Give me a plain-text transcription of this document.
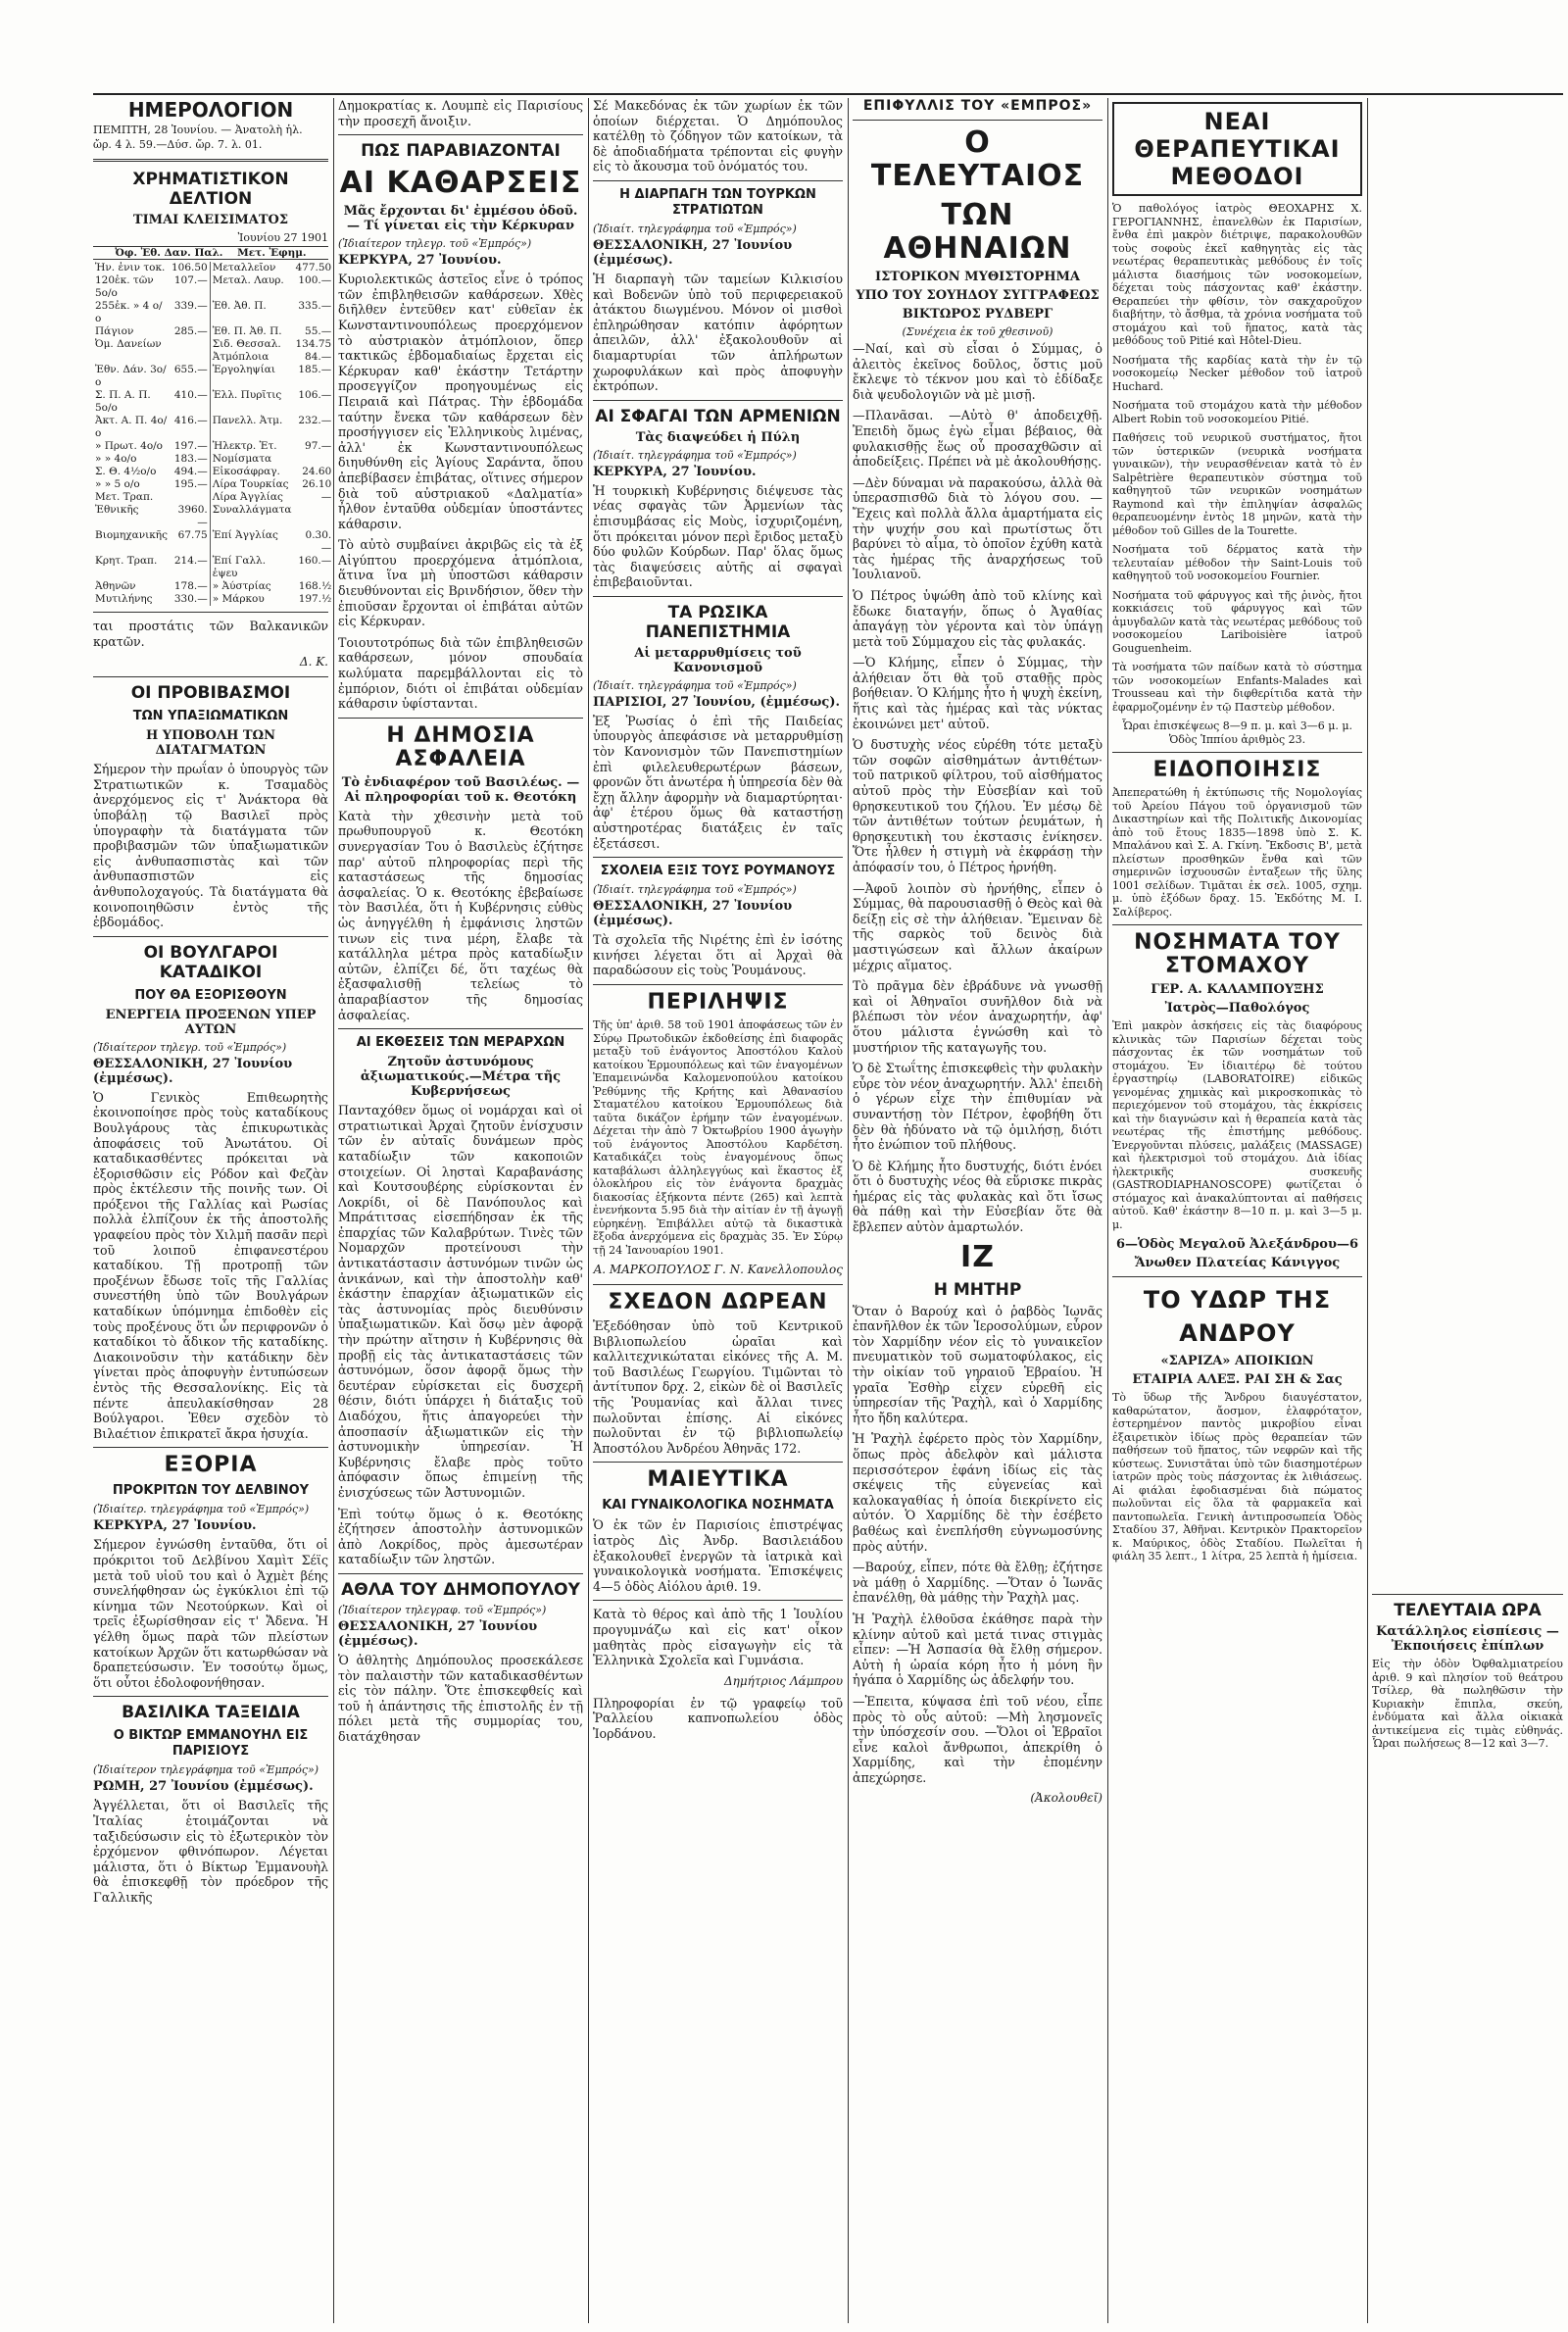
ΗΜΕΡΟΛΟΓΙΟΝ
ΠΕΜΠΤΗ, 28 Ἰουνίου. — Ἀνατολὴ ἡλ.
ὤρ. 4 λ. 59.—Δύσ. ὤρ. 7. λ. 01.
ΧΡΗΜΑΤΙΣΤΙΚΟΝ ΔΕΛΤΙΟΝ
ΤΙΜΑΙ ΚΛΕΙΣΙΜΑΤΟΣ
Ἰουνίου 27 1901
Ὀφ. Ἐθ. Δαν. Παλ. Μετ. Ἐφημ.
Ἡν. ἐνιν τοκ.	106.50	Μεταλλεῖον	477.50
120ἐκ. τῶν 5ο/ο	107.—	Μεταλ. Λαυρ.	100.—
255ἐκ. » 4 ο/ο	339.—	Ἐθ. Ἀθ. Π.	335.—
Πάγιον	285.—	Ἐθ. Π. Ἀθ. Π.	55.—
Ὀμ. Δανείων		Σιδ. Θεσσαλ.	134.75
		Ἀτμόπλοια	84.—
Ἐθν. Δάν. 3ο/ο	655.—	Ἐργοληψίαι	185.—
Σ. Π. Α. Π. 5ο/ο	410.—	Ἐλλ. Πυρῖτις	106.—
Ἀκτ. Α. Π. 4ο/ο	416.—	Πανελλ. Ἀτμ.	232.—
» Πρωτ. 4ο/ο	197.—	Ἠλεκτρ. Ἐτ.	97.—
» » 4ο/ο	183.—	Νομίσματα	
Σ. Θ. 4½ο/ο	494.—	Εἰκοσάφραγ.	24.60
» » 5 ο/ο	195.—	Λίρα Τουρκίας	26.10
Μετ. Τραπ.		Λίρα Ἀγγλίας	—
Ἐθνικῆς	3960.—	Συναλλάγματα	
Βιομηχανικῆς	67.75	Ἐπί Ἀγγλίας	0.30.—
Κρητ. Τραπ.	214.—	Ἐπί Γαλλ. ἐψευ	160.—
Ἀθηνῶν	178.—	» Ἀύστρίας	168.½
Μυτιλήνης	330.—	» Μάρκου	197.½

ται προστάτις τῶν Βαλκανικῶν κρατῶν.

Δ. Κ.
ΟΙ ΠΡΟΒΙΒΑΣΜΟΙ
ΤΩΝ ΥΠΑΞΙΩΜΑΤΙΚΩΝ
Η ΥΠΟΒΟΛΗ ΤΩΝ ΔΙΑΤΑΓΜΑΤΩΝ

Σήμερον τὴν πρωΐαν ὁ ὑπουργὸς τῶν Στρατιωτικῶν κ. Τσαμαδὸς ἀνερχόμενος εἰς τ' Ἀνάκτορα θὰ ὑποβάλῃ τῷ Βασιλεῖ πρὸς ὑπογραφὴν τὰ διατάγματα τῶν προβιβασμῶν τῶν ὑπαξιωματικῶν εἰς ἀνθυπασπιστὰς καὶ τῶν ἀνθυπασπιστῶν εἰς ἀνθυπολοχαγούς. Τὰ διατάγματα θὰ κοινοποιηθῶσιν ἐντὸς τῆς ἑβδομάδος.

ΟΙ ΒΟΥΛΓΑΡΟΙ ΚΑΤΑΔΙΚΟΙ
ΠΟΥ ΘΑ ΕΞΟΡΙΣΘΟΥΝ
ΕΝΕΡΓΕΙΑ ΠΡΟΞΕΝΩΝ ΥΠΕΡ ΑΥΤΩΝ
(Ἰδιαίτερον τηλεγρ. τοῦ «Ἐμπρός»)
ΘΕΣΣΑΛΟΝΙΚΗ, 27 Ἰουνίου (ἐμμέσως).

Ὁ Γενικὸς Επιθεωρητὴς ἐκοινοποίησε πρὸς τοὺς καταδίκους Βουλγάρους τὰς ἐπικυρωτικὰς ἀποφάσεις τοῦ Ἀνωτάτου. Οἱ καταδικασθέντες πρόκειται νὰ ἐξορισθῶσιν εἰς Ρόδον καὶ Φεζὰν πρὸς ἐκτέλεσιν τῆς ποινῆς των. Οἱ πρόξενοι τῆς Γαλλίας καὶ Ρωσίας πολλὰ ἐλπίζουν ἐκ τῆς ἀποστολῆς γραφείου πρὸς τὸν Χιλμῆ πασᾶν περὶ τοῦ λοιποῦ ἐπιφανεστέρου καταδίκου. Τῇ προτροπῇ τῶν προξένων ἔδωσε τοῖς τῆς Γαλλίας συνεστήθη ὑπὸ τῶν Βουλγάρων καταδίκων ὑπόμνημα ἐπιδοθὲν εἰς τοὺς προξένους ὅτι ὧν περιφρονῶν ὁ καταδίκοι τὸ ἄδικον τῆς καταδίκης. Διακοινοῦσιν τὴν κατάδικην δὲν γίνεται πρὸς ἀποφυγὴν ἐντυπώσεων ἐντὸς τῆς Θεσσαλονίκης. Εἰς τὰ πέντε ἀπευλακίσθησαν 28 Βούλγαροι. Ἐθεν σχεδὸν τὸ Βιλαέτιον ἐπικρατεῖ ἄκρα ἡσυχία.

ΕΞΟΡΙΑ
ΠΡΟΚΡΙΤΩΝ ΤΟΥ ΔΕΛΒΙΝΟΥ
(Ἰδιαίτερ. τηλεγράφημα τοῦ «Ἐμπρός»)
ΚΕΡΚΥΡΑ, 27 Ἰουνίου.

Σήμερον ἐγνώσθη ἐνταῦθα, ὅτι οἱ πρόκριτοι τοῦ Δελβίνου Χαμὶτ Σέϊς μετὰ τοῦ υἱοῦ του καὶ ὁ Ἀχμὲτ βέης συνελήφθησαν ὡς ἐγκύκλιοι ἐπὶ τῷ κίνημα τῶν Νεοτούρκων. Καὶ οἱ τρεῖς ἐξωρίσθησαν εἰς τ' Ἄδενα. Ἡ γέλθη ὅμως παρὰ τῶν πλείστων κατοίκων Ἀρχῶν ὅτι κατωρθώσαν νὰ δραπετεύσωσιν. Ἐν τοσούτῳ ὅμως, ὅτι οὗτοι ἐδολοφονήθησαν.

ΒΑΣΙΛΙΚΑ ΤΑΞΕΙΔΙΑ
Ο ΒΙΚΤΩΡ ΕΜΜΑΝΟΥΗΛ ΕΙΣ ΠΑΡΙΣΙΟΥΣ
(Ἰδιαίτερον τηλεγράφημα τοῦ «Ἐμπρός»)
ΡΩΜΗ, 27 Ἰουνίου (ἐμμέσως).

Ἀγγέλλεται, ὅτι οἱ Βασιλεῖς τῆς Ἰταλίας ἑτοιμάζονται νὰ ταξιδεύσωσιν εἰς τὸ ἐξωτερικὸν τὸν ἐρχόμενον φθινόπωρον. Λέγεται μάλιστα, ὅτι ὁ Βίκτωρ Ἐμμανουὴλ θὰ ἐπισκεφθῇ τὸν πρόεδρον τῆς Γαλλικῆς

Δημοκρατίας κ. Λουμπὲ εἰς Παρισίους τὴν προσεχῆ ἄνοιξιν.

ΠΩΣ ΠΑΡΑΒΙΑΖΟΝΤΑΙ
ΑΙ ΚΑΘΑΡΣΕΙΣ
Μᾶς ἔρχονται δι' ἐμμέσου ὁδοῦ.— Τί γίνεται εἰς τὴν Κέρκυραν
(Ἰδιαίτερον τηλεγρ. τοῦ «Ἐμπρός»)
ΚΕΡΚΥΡΑ, 27 Ἰουνίου.

Κυριολεκτικῶς ἀστεῖος εἶνε ὁ τρόπος τῶν ἐπιβληθεισῶν καθάρσεων. Χθὲς διῆλθεν ἐντεῦθεν κατ' εὐθεῖαν ἐκ Κωνσταντινουπόλεως προερχόμενον τὸ αὐστριακὸν ἀτμόπλοιον, ὅπερ τακτικῶς ἑβδομαδιαίως ἔρχεται εἰς Κέρκυραν καθ' ἑκάστην Τετάρτην προσεγγίζον προηγουμένως εἰς Πειραιᾶ καὶ Πάτρας. Τὴν ἑβδομάδα ταύτην ἔνεκα τῶν καθάρσεων δὲν προσήγγισεν εἰς Ἑλληνικοὺς λιμένας, ἀλλ' ἐκ Κωνσταντινουπόλεως διηυθύνθη εἰς Ἁγίους Σαράντα, ὅπου ἀπεβίβασεν ἐπιβάτας, οἵτινες σήμερον διὰ τοῦ αὐστριακοῦ «Δαλματία» ἦλθον ἐνταῦθα οὐδεμίαν ὑποστάντες κάθαρσιν.

Τὸ αὐτὸ συμβαίνει ἀκριβῶς εἰς τὰ ἐξ Αἰγύπτου προερχόμενα ἀτμόπλοια, ἅτινα ἵνα μὴ ὑποστῶσι κάθαρσιν διευθύνονται εἰς Βρινδήσιον, ὅθεν τὴν ἐπιοῦσαν ἔρχονται οἱ ἐπιβάται αὐτῶν εἰς Κέρκυραν.

Τοιουτοτρόπως διὰ τῶν ἐπιβληθεισῶν καθάρσεων, μόνον σπουδαία κωλύματα παρεμβάλλονται εἰς τὸ ἐμπόριον, διότι οἱ ἐπιβάται οὐδεμίαν κάθαρσιν ὑφίστανται.

Η ΔΗΜΟΣΙΑ ΑΣΦΑΛΕΙΑ
Τὸ ἐνδιαφέρον τοῦ Βασιλέως. —Αἱ πληροφορίαι τοῦ κ. Θεοτόκη

Κατὰ τὴν χθεσινὴν μετὰ τοῦ πρωθυπουργοῦ κ. Θεοτόκη συνεργασίαν Του ὁ Βασιλεὺς ἐζήτησε παρ' αὐτοῦ πληροφορίας περὶ τῆς καταστάσεως τῆς δημοσίας ἀσφαλείας. Ὁ κ. Θεοτόκης ἐβεβαίωσε τὸν Βασιλέα, ὅτι ἡ Κυβέρνησις εὐθὺς ὡς ἀνηγγέλθη ἡ ἐμφάνισις ληστῶν τινων εἰς τινα μέρη, ἔλαβε τὰ κατάλληλα μέτρα πρὸς καταδίωξιν αὐτῶν, ἐλπίζει δέ, ὅτι ταχέως θὰ ἐξασφαλισθῇ τελείως τὸ ἀπαραβίαστον τῆς δημοσίας ἀσφαλείας.

ΑΙ ΕΚΘΕΣΕΙΣ ΤΩΝ ΜΕΡΑΡΧΩΝ
Ζητοῦν ἀστυνόμους ἀξιωματικούς.—Μέτρα τῆς Κυβερνήσεως

Πανταχόθεν ὅμως οἱ νομάρχαι καὶ οἱ στρατιωτικαὶ Ἀρχαὶ ζητοῦν ἐνίσχυσιν τῶν ἐν αὐταῖς δυνάμεων πρὸς καταδίωξιν τῶν κακοποιῶν στοιχείων. Οἱ λησταὶ Καραβανάσης καὶ Κουτσουβέρης εὑρίσκονται ἐν Λοκρίδι, οἱ δὲ Πανόπουλος καὶ Μπράτιτσας εἰσεπήδησαν ἐκ τῆς ἐπαρχίας τῶν Καλαβρύτων. Τινὲς τῶν Νομαρχῶν προτείνουσι τὴν ἀντικατάστασιν ἀστυνόμων τινῶν ὡς ἀνικάνων, καὶ τὴν ἀποστολὴν καθ' ἑκάστην ἐπαρχίαν ἀξιωματικῶν εἰς τὰς ἀστυνομίας πρὸς διευθύνσιν ὑπαξιωματικῶν. Καὶ ὅσῳ μὲν ἀφορᾷ τὴν πρώτην αἴτησιν ἡ Κυβέρνησις θὰ προβῇ εἰς τὰς ἀντικαταστάσεις τῶν ἀστυνόμων, ὅσον ἀφορᾷ ὅμως τὴν δευτέραν εὑρίσκεται εἰς δυσχερῆ θέσιν, διότι ὑπάρχει ἡ διάταξις τοῦ Διαδόχου, ἥτις ἀπαγορεύει τὴν ἀποσπασίν ἀξιωματικῶν εἰς τὴν ἀστυνομικὴν ὑπηρεσίαν. Ἡ Κυβέρνησις ἔλαβε πρὸς τοῦτο ἀπόφασιν ὅπως ἐπιμείνῃ τῆς ἐνισχύσεως τῶν Ἀστυνομιῶν.

Ἐπὶ τούτῳ ὅμως ὁ κ. Θεοτόκης ἐζήτησεν ἀποστολὴν ἀστυνομικῶν ἀπὸ Λοκρίδος, πρὸς ἀμεσωτέραν καταδίωξιν τῶν ληστῶν.

ΑΘΛΑ ΤΟΥ ΔΗΜΟΠΟΥΛΟΥ
(Ἰδιαίτερον τηλεγραφ. τοῦ «Ἐμπρός»)
ΘΕΣΣΑΛΟΝΙΚΗ, 27 Ἰουνίου (ἐμμέσως).

Ὁ ἀθλητὴς Δημόπουλος προσεκάλεσε τὸν παλαιστὴν τῶν καταδικασθέντων εἰς τὸν πάλην. Ὅτε ἐπισκεφθείς καὶ τοῦ ἡ ἀπάντησις τῆς ἐπιστολῆς ἐν τῇ πόλει μετὰ τῆς συμμορίας του, διατάχθησαν

Σέ Μακεδόνας ἐκ τῶν χωρίων ἐκ τῶν ὁποίων διέρχεται. Ὁ Δημόπουλος κατέλθῃ τὸ ζόδηγον τῶν κατοίκων, τὰ δὲ ἀποδιαδήματα τρέπονται εἰς φυγὴν εἰς τὸ ἄκουσμα τοῦ ὀνόματός του.

Η ΔΙΑΡΠΑΓΗ ΤΩΝ ΤΟΥΡΚΩΝ ΣΤΡΑΤΙΩΤΩΝ
(Ἰδιαίτ. τηλεγράφημα τοῦ «Ἐμπρός»)
ΘΕΣΣΑΛΟΝΙΚΗ, 27 Ἰουνίου (ἐμμέσως).

Ἡ διαρπαγὴ τῶν ταμείων Κιλκισίου καὶ Βοδενῶν ὑπὸ τοῦ περιφερειακοῦ ἀτάκτου διωγμένου. Μόνον οἱ μισθοὶ ἐπληρώθησαν κατόπιν ἀφόρητων ἀπειλῶν, ἀλλ' ἐξακολουθοῦν αἱ διαμαρτυρίαι τῶν ἀπλήρωτων χωροφυλάκων καὶ πρὸς ἀποφυγὴν ἐκτρόπων.

ΑΙ ΣΦΑΓΑΙ ΤΩΝ ΑΡΜΕΝΙΩΝ
Τὰς διαψεύδει ἡ Πύλη
(Ἰδιαίτ. τηλεγράφημα τοῦ «Ἐμπρός»)
ΚΕΡΚΥΡΑ, 27 Ἰουνίου.

Ἡ τουρκικὴ Κυβέρνησις διέψευσε τὰς νέας σφαγὰς τῶν Ἀρμενίων τὰς ἐπισυμβάσας εἰς Μοὺς, ἰσχυριζομένη, ὅτι πρόκειται μόνον περὶ ἔριδος μεταξὺ δύο φυλῶν Κούρδων. Παρ' ὅλας ὅμως τὰς διαψεύσεις αὐτῆς αἱ σφαγαὶ ἐπιβεβαιοῦνται.

ΤΑ ΡΩΣΙΚΑ ΠΑΝΕΠΙΣΤΗΜΙΑ
Αἱ μεταρρυθμίσεις τοῦ Κανονισμοῦ
(Ἰδιαίτ. τηλεγράφημα τοῦ «Ἐμπρός»)
ΠΑΡΙΣΙΟΙ, 27 Ἰουνίου, (ἐμμέσως).

Ἐξ Ῥωσίας ὁ ἐπὶ τῆς Παιδείας ὑπουργὸς ἀπεφάσισε νὰ μεταρρυθμίσῃ τὸν Κανονισμὸν τῶν Πανεπιστημίων ἐπὶ φιλελευθερωτέρων βάσεων, φρονῶν ὅτι ἀνωτέρα ἡ ὑπηρεσία δὲν θὰ ἔχῃ ἄλλην ἀφορμὴν νὰ διαμαρτύρηται· ἀφ' ἑτέρου ὅμως θὰ καταστήσῃ αὐστηροτέρας διατάξεις ἐν ταῖς ἐξετάσεσι.

ΣΧΟΛΕΙΑ ΕΞΙΣ ΤΟΥΣ ΡΟΥΜΑΝΟΥΣ
(Ἰδιαίτ. τηλεγράφημα τοῦ «Ἐμπρός»)
ΘΕΣΣΑΛΟΝΙΚΗ, 27 Ἰουνίου (ἐμμέσως).

Τὰ σχολεῖα τῆς Νιρέτης ἐπὶ ἐν ἰσότης κινήσει λέγεται ὅτι αἱ Ἀρχαὶ θὰ παραδώσουν εἰς τοὺς Ῥουμάνους.

ΠΕΡΙΛΗΨΙΣ

Τῆς ὑπ' ἀριθ. 58 τοῦ 1901 ἀποφάσεως τῶν ἐν Σύρῳ Πρωτοδικῶν ἐκδοθείσης ἐπὶ διαφορᾶς μεταξὺ τοῦ ἐνάγοντος Ἀποστόλου Καλοὺ κατοίκου Ἑρμουπόλεως καὶ τῶν ἐναγομένων Ἐπαμεινώνδα Καλομενοπούλου κατοίκου Ῥεθύμνης τῆς Κρήτης καὶ Ἀθανασίου Σταματέλου κατοίκου Ἑρμουπόλεως διὰ ταῦτα δικάζον ἐρήμην τῶν ἐναγομένων. Δέχεται τὴν ἀπὸ 7 Ὀκτωβρίου 1900 ἀγωγὴν τοῦ ἐνάγοντος Ἀποστόλου Καρδέτση. Καταδικάζει τοὺς ἐναγομένους ὅπως καταβάλωσι ἀλληλεγγύως καὶ ἕκαστος ἐξ ὁλοκλήρου εἰς τὸν ἐνάγοντα δραχμὰς διακοσίας ἑξήκοντα πέντε (265) καὶ λεπτὰ ἐνενήκοντα 5.95 διὰ τὴν αἰτίαν ἐν τῇ ἀγωγῇ εὐρηκένῃ. Ἐπιβάλλει αὐτῷ τὰ δικαστικὰ ἔξοδα ἀνερχόμενα εἰς δραχμὰς 35. Ἐν Σύρῳ τῇ 24 Ἰανουαρίου 1901.

Α. ΜΑΡΚΟΠΟΥΛΟΣ Γ. Ν. Κανελλοπουλος
ΣΧΕΔΟΝ ΔΩΡΕΑΝ

Ἐξεδόθησαν ὑπὸ τοῦ Κεντρικοῦ Βιβλιοπωλείου ὡραῖαι καὶ καλλιτεχνικώταται εἰκόνες τῆς Α. Μ. τοῦ Βασιλέως Γεωργίου. Τιμῶνται τὸ ἀντίτυπον δρχ. 2, εἰκὼν δὲ οἱ Βασιλεῖς τῆς Ῥουμανίας καὶ ἄλλαι τινες πωλοῦνται ἐπίσης. Αἱ εἰκόνες πωλοῦνται ἐν τῷ βιβλιοπωλείῳ Ἀποστόλου Ἀνδρέου Ἀθηνᾶς 172.

ΜΑΙΕΥΤΙΚΑ
ΚΑΙ ΓΥΝΑΙΚΟΛΟΓΙΚΑ ΝΟΣΗΜΑΤΑ

Ὁ ἐκ τῶν ἐν Παρισίοις ἐπιστρέψας ἰατρὸς Δὶς Ἀνδρ. Βασιλειάδου ἐξακολουθεῖ ἐνεργῶν τὰ ἰατρικὰ καὶ γυναικολογικὰ νοσήματα. Ἐπισκέψεις 4—5 ὁδὸς Αἰόλου ἀριθ. 19.

Κατὰ τὸ θέρος καὶ ἀπὸ τῆς 1 Ἰουλίου προγυμνάζω καὶ εἰς κατ' οἶκον μαθητὰς πρὸς εἰσαγωγὴν εἰς τὰ Ἑλληνικὰ Σχολεῖα καὶ Γυμνάσια.

Δημήτριος Λάμπρου

Πληροφορίαι ἐν τῷ γραφείῳ τοῦ Ῥαλλείου καπνοπωλείου ὁδὸς Ἰορδάνου.

ΕΠΙΦΥΛΛΙΣ ΤΟΥ «ΕΜΠΡΟΣ»
Ο ΤΕΛΕΥΤΑΙΟΣ
ΤΩΝ ΑΘΗΝΑΙΩΝ
ΙΣΤΟΡΙΚΟΝ ΜΥΘΙΣΤΟΡΗΜΑ
ΥΠΟ ΤΟΥ ΣΟΥΗΔΟΥ ΣΥΓΓΡΑΦΕΩΣ
ΒΙΚΤΩΡΟΣ ΡΥΔΒΕΡΓ
(Συνέχεια ἐκ τοῦ χθεσινοῦ)

—Ναί, καὶ σὺ εἶσαι ὁ Σύμμας, ὁ ἀλειτὸς ἐκεῖνος δοῦλος, ὅστις μοῦ ἔκλεψε τὸ τέκνον μου καὶ τὸ ἐδίδαξε διὰ ψευδολογιῶν νὰ μὲ μισῇ.

—Πλανᾶσαι. —Αὐτὸ θ' ἀποδειχθῇ. Ἐπειδὴ ὅμως ἐγὼ εἶμαι βέβαιος, θὰ φυλακισθῇς ἕως οὗ προσαχθῶσιν αἱ ἀποδείξεις. Πρέπει νὰ μὲ ἀκολουθήσῃς.

—Δὲν δύναμαι νὰ παρακούσω, ἀλλὰ θὰ ὑπερασπισθῶ διὰ τὸ λόγου σου. —Ἔχεις καὶ πολλὰ ἄλλα ἀμαρτήματα εἰς τὴν ψυχήν σου καὶ πρωτίστως ὅτι βαρύνει τὸ αἷμα, τὸ ὁποῖον ἐχύθη κατὰ τὰς ἡμέρας τῆς ἀναρχήσεως τοῦ Ἰουλιανοῦ.

Ὁ Πέτρος ὑψώθη ἀπὸ τοῦ κλίνης καὶ ἔδωκε διαταγήν, ὅπως ὁ Ἀγαθίας ἀπαγάγῃ τὸν γέροντα καὶ τὸν ὑπάγῃ μετὰ τοῦ Σύμμαχου εἰς τὰς φυλακάς.

—Ὁ Κλήμης, εἶπεν ὁ Σύμμας, τὴν ἀλήθειαν ὅτι θὰ τοῦ σταθῇς πρὸς βοήθειαν. Ὁ Κλήμης ἦτο ἡ ψυχὴ ἐκείνη, ἥτις καὶ τὰς ἡμέρας καὶ τὰς νύκτας ἐκοινώνει μετ' αὐτοῦ.

Ὁ δυστυχὴς νέος εὑρέθη τότε μεταξὺ τῶν σοφῶν αἰσθημάτων ἀντιθέτων· τοῦ πατρικοῦ φίλτρου, τοῦ αἰσθήματος αὐτοῦ πρὸς τὴν Εὐσεβίαν καὶ τοῦ θρησκευτικοῦ του ζήλου. Ἐν μέσῳ δὲ τῶν ἀντιθέτων τούτων ῥευμάτων, ἡ θρησκευτικὴ του ἐκστασις ἐνίκησεν. Ὅτε ἦλθεν ἡ στιγμὴ νὰ ἐκφράσῃ τὴν ἀπόφασίν του, ὁ Πέτρος ἠρνήθη.

—Ἀφοῦ λοιπὸν σὺ ἠρνήθης, εἶπεν ὁ Σύμμας, θὰ παρουσιασθῇ ὁ Θεὸς καὶ θὰ δείξῃ εἰς σὲ τὴν ἀλήθειαν. Ἔμειναν δὲ τῆς σαρκὸς τοῦ δεινὸς διὰ μαστιγώσεων καὶ ἄλλων ἀκαίρων μέχρις αἵματος.

Τὸ πρᾶγμα δὲν ἐβράδυνε νὰ γνωσθῇ καὶ οἱ Ἀθηναῖοι συνῆλθον διὰ νὰ βλέπωσι τὸν νέον ἀναχωρητήν, ἀφ' ὅτου μάλιστα ἐγνώσθη καὶ τὸ μυστήριον τῆς καταγωγῆς του.

Ὁ δὲ Στωΐτης ἐπισκεφθεὶς τὴν φυλακὴν εὗρε τὸν νέον ἀναχωρητήν. Ἀλλ' ἐπειδὴ ὁ γέρων εἶχε τὴν ἐπιθυμίαν νὰ συναντήσῃ τὸν Πέτρον, ἐφοβήθη ὅτι δὲν θὰ ἠδύνατο νὰ τῷ ὁμιλήσῃ, διότι ἦτο ἐνώπιον τοῦ πλήθους.

Ὁ δὲ Κλήμης ἦτο δυστυχής, διότι ἐνόει ὅτι ὁ δυστυχὴς νέος θὰ εὕρισκε πικρὰς ἡμέρας εἰς τὰς φυλακὰς καὶ ὅτι ἴσως θὰ πάθῃ καὶ τὴν Εὐσεβίαν ὅτε θὰ ἔβλεπεν αὐτὸν ἀμαρτωλόν.

ΙΖ
Η ΜΗΤΗΡ

Ὅταν ὁ Βαρούχ καὶ ὁ ῥαβδὸς Ἰωνᾶς ἐπανῆλθον ἐκ τῶν Ἱεροσολύμων, εὗρον τὸν Χαρμίδην νέον εἰς τὸ γυναικεῖον πνευματικὸν τοῦ σωματοφύλακος, εἰς τὴν οἰκίαν τοῦ γηραιοῦ Ἑβραίου. Ἡ γραῖα Ἐσθὴρ εἶχεν εὑρεθῆ εἰς ὑπηρεσίαν τῆς Ῥαχὴλ, καὶ ὁ Χαρμίδης ἦτο ἤδη καλύτερα.

Ἡ Ῥαχὴλ ἐφέρετο πρὸς τὸν Χαρμίδην, ὅπως πρὸς ἀδελφὸν καὶ μάλιστα περισσότερον ἐφάνη ἰδίως εἰς τὰς σκέψεις τῆς εὐγενείας καὶ καλοκαγαθίας ἡ ὁποία διεκρίνετο εἰς αὐτόν. Ὁ Χαρμίδης δὲ τὴν ἐσέβετο βαθέως καὶ ἐνεπλήσθη εὐγνωμοσύνης πρὸς αὐτήν.

—Βαρούχ, εἶπεν, πότε θὰ ἔλθῃ; ἐζήτησε νὰ μάθῃ ὁ Χαρμίδης. —Ὅταν ὁ Ἰωνᾶς ἐπανέλθῃ, θὰ μάθῃς τὴν Ῥαχὴλ μας.

Ἡ Ῥαχὴλ ἐλθοῦσα ἐκάθησε παρὰ τὴν κλίνην αὐτοῦ καὶ μετά τινας στιγμὰς εἶπεν: —Ἡ Ἀσπασία θὰ ἔλθῃ σήμερον. Αὐτὴ ἡ ὡραία κόρη ἦτο ἡ μόνη ἣν ἠγάπα ὁ Χαρμίδης ὡς ἀδελφήν του.

—Ἐπειτα, κύψασα ἐπὶ τοῦ νέου, εἶπε πρὸς τὸ οὖς αὐτοῦ: —Μὴ λησμονεῖς τὴν ὑπόσχεσίν σου. —Ὅλοι οἱ Ἑβραῖοι εἶνε καλοὶ ἄνθρωποι, ἀπεκρίθη ὁ Χαρμίδης, καὶ τὴν ἐπομένην ἀπεχώρησε.

(Ἀκολουθεῖ)
ΝΕΑΙ ΘΕΡΑΠΕΥΤΙΚΑΙ ΜΕΘΟΔΟΙ

Ὁ παθολόγος ἰατρὸς ΘΕΟΧΑΡΗΣ Χ. ΓΕΡΟΓΙΑΝΝΗΣ, ἐπανελθὼν ἐκ Παρισίων, ἔνθα ἐπὶ μακρὸν διέτριψε, παρακολουθῶν τοὺς σοφοὺς ἐκεῖ καθηγητὰς εἰς τὰς νεωτέρας θεραπευτικὰς μεθόδους ἐν τοῖς μάλιστα διασήμοις τῶν νοσοκομείων, δέχεται τοὺς πάσχοντας καθ' ἑκάστην. Θεραπεύει τὴν φθίσιν, τὸν σακχαροῦχον διαβήτην, τὸ ἄσθμα, τὰ χρόνια νοσήματα τοῦ στομάχου καὶ τοῦ ἥπατος, κατὰ τὰς μεθόδους τοῦ Pitié καὶ Hôtel-Dieu.

Νοσήματα τῆς καρδίας κατὰ τὴν ἐν τῷ νοσοκομείῳ Necker μέθοδον τοῦ ἰατροῦ Huchard.

Νοσήματα τοῦ στομάχου κατὰ τὴν μέθοδον Albert Robin τοῦ νοσοκομείου Pitié.

Παθήσεις τοῦ νευρικοῦ συστήματος, ἤτοι τῶν ὑστερικῶν (νευρικὰ νοσήματα γυναικῶν), τὴν νευρασθένειαν κατὰ τὸ ἐν Salpêtrière θεραπευτικὸν σύστημα τοῦ καθηγητοῦ τῶν νευρικῶν νοσημάτων Raymond καὶ τὴν ἐπιληψίαν ἀσφαλῶς θεραπευομένην ἐντὸς 18 μηνῶν, κατὰ τὴν μέθοδον τοῦ Gilles de la Tourette.

Νοσήματα τοῦ δέρματος κατὰ τὴν τελευταίαν μέθοδον τὴν Saint-Louis τοῦ καθηγητοῦ τοῦ νοσοκομείου Fournier.

Νοσήματα τοῦ φάρυγγος καὶ τῆς ῥινὸς, ἤτοι κοκκιάσεις τοῦ φάρυγγος καὶ τῶν ἀμυγδαλῶν κατὰ τὰς νεωτέρας μεθόδους τοῦ νοσοκομείου Lariboisière ἰατροῦ Gouguenheim.

Τὰ νοσήματα τῶν παίδων κατὰ τὸ σύστημα τῶν νοσοκομείων Enfants-Malades καὶ Trousseau καὶ τὴν διφθερίτιδα κατὰ τὴν ἐφαρμοζομένην ἐν τῷ Παστεὺρ μέθοδον.

Ὧραι ἐπισκέψεως 8—9 π. μ. καὶ 3—6 μ. μ. Ὁδὸς Ἱππίου ἀριθμὸς 23.

ΕΙΔΟΠΟΙΗΣΙΣ

Ἀπεπερατώθη ἡ ἐκτύπωσις τῆς Νομολογίας τοῦ Ἀρείου Πάγου τοῦ ὀργανισμοῦ τῶν Δικαστηρίων καὶ τῆς Πολιτικῆς Δικονομίας ἀπὸ τοῦ ἔτους 1835—1898 ὑπὸ Σ. Κ. Μπαλάνου καὶ Σ. Α. Γκίνη. Ἔκδοσις Β', μετὰ πλείστων προσθηκῶν ἔνθα καὶ τῶν σημερινῶν ἰσχυουσῶν ἐνταξεων τῆς ὕλης 1001 σελίδων. Τιμᾶται ἐκ σελ. 1005, σχημ. μ. ὑπὸ ἐξόδων δραχ. 15. Ἐκδότης Μ. Ι. Σαλίβερος.

ΝΟΣΗΜΑΤΑ ΤΟΥ ΣΤΟΜΑΧΟΥ
ΓΕΡ. Α. ΚΑΛΑΜΠΟΥΞΗΣ
Ἰατρὸς—Παθολόγος

Ἐπὶ μακρὸν ἀσκήσεις εἰς τὰς διαφόρους κλινικὰς τῶν Παρισίων δέχεται τοὺς πάσχοντας ἐκ τῶν νοσημάτων τοῦ στομάχου. Ἐν ἰδιαιτέρῳ δὲ τούτου ἐργαστηρίῳ (LABORATOIRE) εἰδικῶς γενομένας χημικὰς καὶ μικροσκοπικὰς τὸ περιεχόμενον τοῦ στομάχου, τὰς ἐκκρίσεις καὶ τὴν διαγνώσιν καὶ ἡ θεραπεία κατὰ τὰς νεωτέρας τῆς ἐπιστήμης μεθόδους. Ἐνεργοῦνται πλύσεις, μαλάξεις (MASSAGE) καὶ ἠλεκτρισμοὶ τοῦ στομάχου. Διὰ ἰδίας ἠλεκτρικῆς συσκευῆς (GASTRODIAPHANOSCOPE) φωτίζεται ὁ στόμαχος καὶ ἀνακαλύπτονται αἱ παθήσεις αὐτοῦ. Καθ' ἑκάστην 8—10 π. μ. καὶ 3—5 μ. μ.

6—Ὁδὸς Μεγαλοῦ Ἀλεξάνδρου—6
Ἄνωθεν Πλατείας Κάνιγγος
ΤΟ ΥΔΩΡ ΤΗΣ ΑΝΔΡΟΥ
«ΣΑΡΙΖΑ» ΑΠΟΙΚΙΩΝ
ΕΤΑΙΡΙΑ ΑΛΕΞ. ΡΑΙ ΣΗ & Σας

Τὸ ὕδωρ τῆς Ἄνδρου διαυγέστατον, καθαρώτατον, ἄοσμον, ἐλαφρότατον, ἐστερημένον παντὸς μικροβίου εἶναι ἐξαιρετικὸν ἰδίως πρὸς θεραπείαν τῶν παθήσεων τοῦ ἥπατος, τῶν νεφρῶν καὶ τῆς κύστεως. Συνιστᾶται ὑπὸ τῶν διασημοτέρων ἰατρῶν πρὸς τοὺς πάσχοντας ἐκ λιθιάσεως. Αἱ φιάλαι ἐφοδιασμέναι διὰ πώματος πωλοῦνται εἰς ὅλα τὰ φαρμακεῖα καὶ παντοπωλεῖα. Γενικὴ ἀντιπροσωπεία Ὁδὸς Σταδίου 37, Ἀθῆναι. Κεντρικὸν Πρακτορεῖον κ. Μαύρικος, ὁδὸς Σταδίου. Πωλεῖται ἡ φιάλη 35 λεπτ., 1 λίτρα, 25 λεπτὰ ἡ ἡμίσεια.

ΤΕΛΕΥΤΑΙΑ ΩΡΑ
Κατάλληλος εἰσπίεσις — Ἐκποιήσεις ἐπίπλων

Εἰς τὴν ὁδὸν Ὀφθαλμιατρείου ἀριθ. 9 καὶ πλησίον τοῦ θεάτρου Τσίλερ, θὰ πωληθῶσιν τὴν Κυριακὴν ἔπιπλα, σκεύη, ἐνδύματα καὶ ἄλλα οἰκιακὰ ἀντικείμενα εἰς τιμὰς εὐθηνάς. Ὧραι πωλήσεως 8—12 καὶ 3—7.
